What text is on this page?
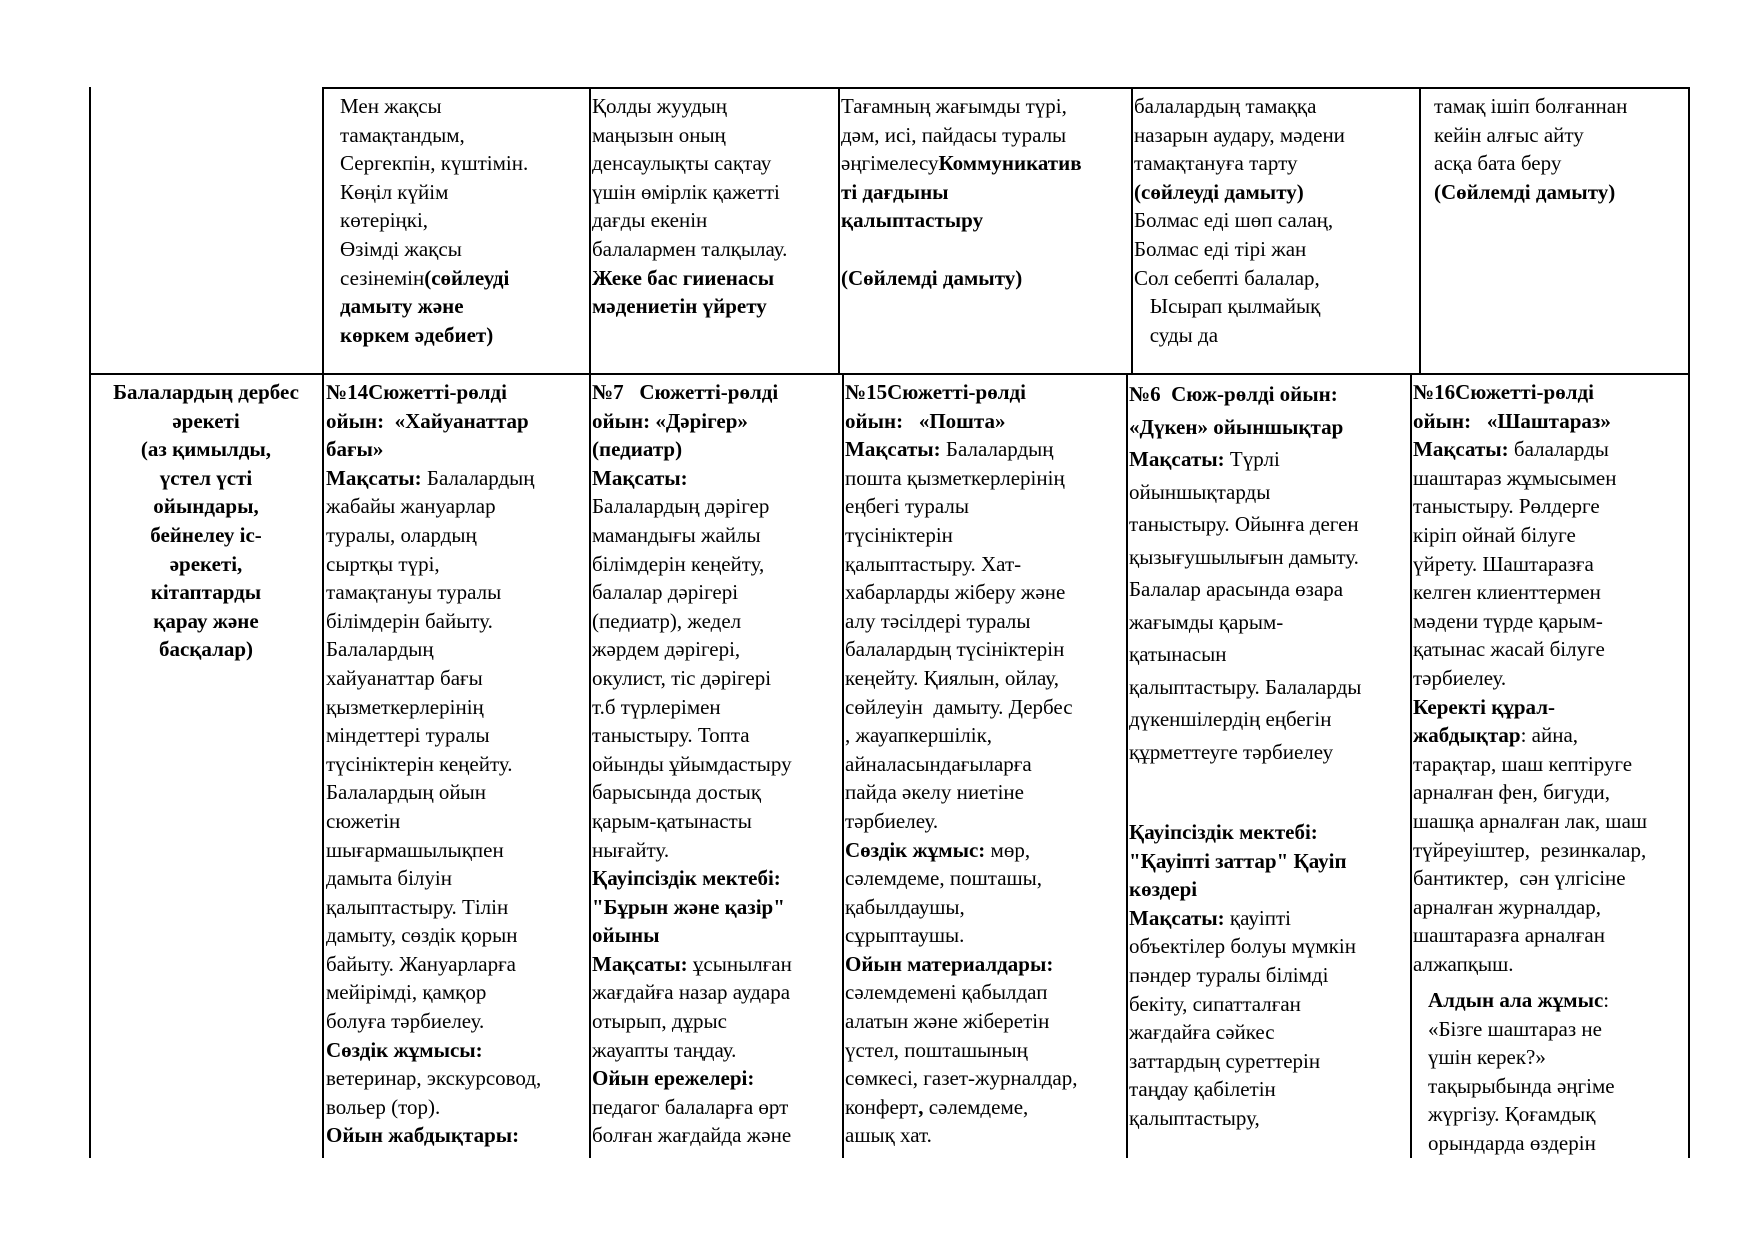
Мен жақсы
тамақтандым,
Сергекпін, күштімін.
Көңіл күйім
көтеріңкі,
Өзімді жақсы
сезінемін(сөйлеуді
дамыту және
көркем әдебиет)
Қолды жуудың
маңызын оның
денсаулықты сақтау
үшін өмірлік қажетті
дағды екенін
балалармен талқылау.
Жеке бас гииенасы
мәдениетін үйрету
Тағамның жағымды түрі,
дәм, исі, пайдасы туралы
әңгімелесуКоммуникатив
ті дағдыны
қалыптастыру

(Сөйлемді дамыту)
балалардың тамаққа
назарын аудару, мәдени
тамақтануға тарту
(сөйлеуді дамыту)
Болмас еді шөп салаң,
Болмас еді тірі жан
Сол себепті балалар,
Ысырап қылмайық
суды да
тамақ ішіп болғаннан
кейін алғыс айту
асқа бата беру
(Сөйлемді дамыту)
Балалардың дербес
әрекеті
(аз қимылды,
үстел үсті
ойындары,
бейнелеу іс-
әрекеті,
кітаптарды
қарау және
басқалар)
№14Сюжетті-рөлді
ойын:  «Хайуанаттар
бағы»
Мақсаты: Балалардың
жабайы жануарлар
туралы, олардың
сыртқы түрі,
тамақтануы туралы
білімдерін байыту.
Балалардың
хайуанаттар бағы
қызметкерлерінің
міндеттері туралы
түсініктерін кеңейту.
Балалардың ойын
сюжетін
шығармашылықпен
дамыта білуін
қалыптастыру. Тілін
дамыту, сөздік қорын
байыту. Жануарларға
мейірімді, қамқор
болуға тәрбиелеу.
Сөздік жұмысы:
ветеринар, экскурсовод,
вольер (тор).
Ойын жабдықтары:
№7   Сюжетті-рөлді
ойын: «Дәрігер»
(педиатр)
Мақсаты:
Балалардың дәрігер
мамандығы жайлы
білімдерін кеңейту,
балалар дәрігері
(педиатр), жедел
жәрдем дәрігері,
окулист, тіс дәрігері
т.б түрлерімен
таныстыру. Топта
ойынды ұйымдастыру
барысында достық
қарым-қатынасты
нығайту.
Қауіпсіздік мектебі:
"Бұрын және қазір"
ойыны
Мақсаты: ұсынылған
жағдайға назар аудара
отырып, дұрыс
жауапты таңдау.
Ойын ережелері:
педагог балаларға өрт
болған жағдайда және
№15Сюжетті-рөлді
ойын:   «Пошта»
Мақсаты: Балалардың
пошта қызметкерлерінің
еңбегі туралы
түсініктерін
қалыптастыру. Хат-
хабарларды жіберу және
алу тәсілдері туралы
балалардың түсініктерін
кеңейту. Қиялын, ойлау,
сөйлеуін  дамыту. Дербес
, жауапкершілік,
айналасындағыларға
пайда әкелу ниетіне
тәрбиелеу.
Сөздік жұмыс: мөр,
сәлемдеме, пошташы,
қабылдаушы,
сұрыптаушы.
Ойын материалдары:
сәлемдемені қабылдап
алатын және жіберетін
үстел, пошташының
сөмкесі, газет-журналдар,
конферт, сәлемдеме,
ашық хат.
№6  Сюж-рөлді ойын:
«Дүкен» ойыншықтар
Мақсаты: Түрлі
ойыншықтарды
таныстыру. Ойынға деген
қызығушылығын дамыту.
Балалар арасында өзара
жағымды қарым-
қатынасын
қалыптастыру. Балаларды
дүкеншілердің еңбегін
құрметтеуге тәрбиелеу
Қауіпсіздік мектебі:
"Қауіпті заттар" Қауіп
көздері
Мақсаты: қауіпті
объектілер болуы мүмкін
пәндер туралы білімді
бекіту, сипатталған
жағдайға сәйкес
заттардың суреттерін
таңдау қабілетін
қалыптастыру,
№16Сюжетті-рөлді
ойын:   «Шаштараз»
Мақсаты: балаларды
шаштараз жұмысымен
таныстыру. Рөлдерге
кіріп ойнай білуге
үйрету. Шаштаразға
келген клиенттермен
мәдени түрде қарым-
қатынас жасай білуге
тәрбиелеу.
Керекті құрал-
жабдықтар: айна,
тарақтар, шаш кептіруге
арналған фен, бигуди,
шашқа арналған лак, шаш
түйреуіштер,  резинкалар,
бантиктер,  сән үлгісіне
арналған журналдар,
шаштаразға арналған
алжапқыш.
Алдын ала жұмыс:
«Бізге шаштараз не
үшін керек?»
тақырыбында әңгіме
жүргізу. Қоғамдық
орындарда өздерін
